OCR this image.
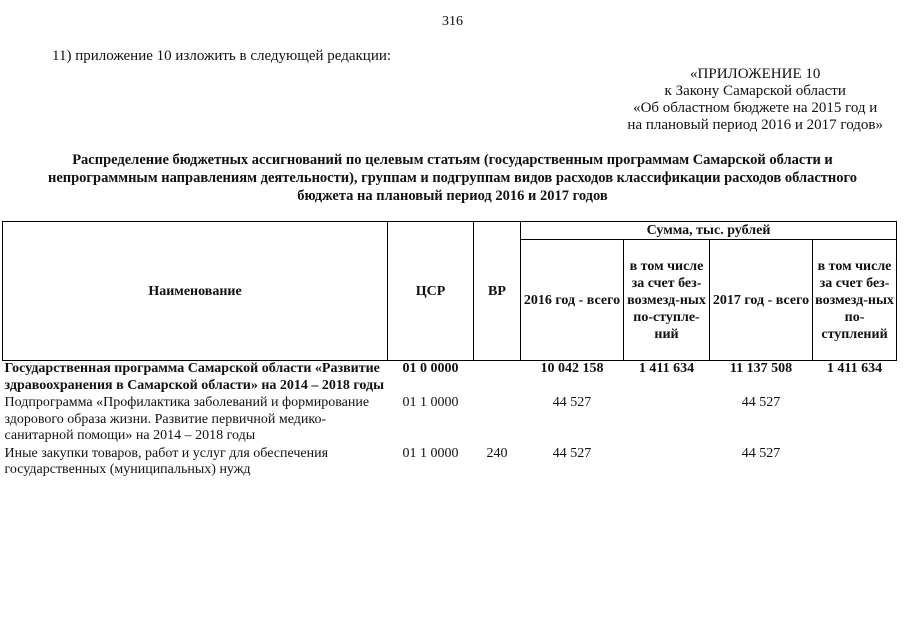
316
11) приложение 10 изложить в следующей редакции:
«ПРИЛОЖЕНИЕ 10
к Закону Самарской области
«Об областном бюджете на 2015 год и
на плановый период 2016 и 2017 годов»
Распределение бюджетных ассигнований по целевым статьям (государственным программам Самарской области и
непрограммным направлениям деятельности), группам и подгруппам видов расходов классификации расходов областного
бюджета на плановый период 2016 и 2017 годов
Наименование	ЦСР	ВР	Сумма, тыс. рублей			
			2016 год - всего	в том числе за счет без-возмезд-ных по-ступле-ний	2017 год - всего	в том числе за счет без-возмезд-ных по-ступлений
Государственная программа Самарской области «Развитие здравоохранения в Самарской области» на 2014 – 2018 годы	01 0 0000		10 042 158	1 411 634	11 137 508	1 411 634
Подпрограмма «Профилактика заболеваний и формирование здорового образа жизни. Развитие первичной медико-санитарной помощи» на 2014 – 2018 годы	01 1 0000		44 527		44 527	
Иные закупки товаров, работ и услуг для обеспечения государственных (муниципальных) нужд	01 1 0000	240	44 527		44 527	
